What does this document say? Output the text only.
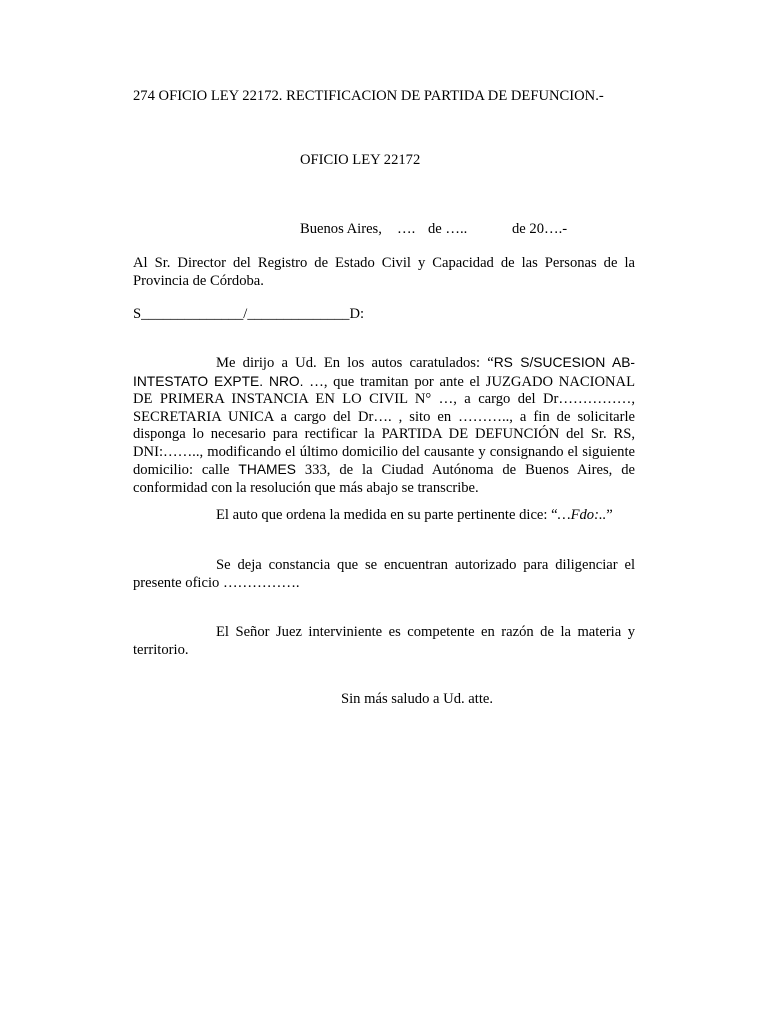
274 OFICIO LEY 22172. RECTIFICACION DE PARTIDA DE DEFUNCION.-
OFICIO LEY 22172
Buenos Aires, …. de …..	de 20….-
Al Sr. Director del Registro de Estado Civil y Capacidad de las Personas de la Provincia de Córdoba.
S______________/______________D:
Me dirijo a Ud. En los autos caratulados: “RS S/SUCESION AB-INTESTATO EXPTE. NRO. …, que tramitan por ante el JUZGADO NACIONAL DE PRIMERA INSTANCIA EN LO CIVIL N° …, a cargo del Dr……………, SECRETARIA UNICA a cargo del Dr…. , sito en ……….., a fin de solicitarle disponga lo necesario para rectificar la PARTIDA DE DEFUNCIÓN del Sr. RS, DNI:…….., modificando el último domicilio del causante y consignando el siguiente domicilio: calle THAMES 333, de la Ciudad Autónoma de Buenos Aires, de conformidad con la resolución que más abajo se transcribe.
El auto que ordena la medida en su parte pertinente dice: “…Fdo:..”
Se deja constancia que se encuentran autorizado para diligenciar el presente oficio …………….
El Señor Juez interviniente es competente en razón de la materia y territorio.
Sin más saludo a Ud. atte.
